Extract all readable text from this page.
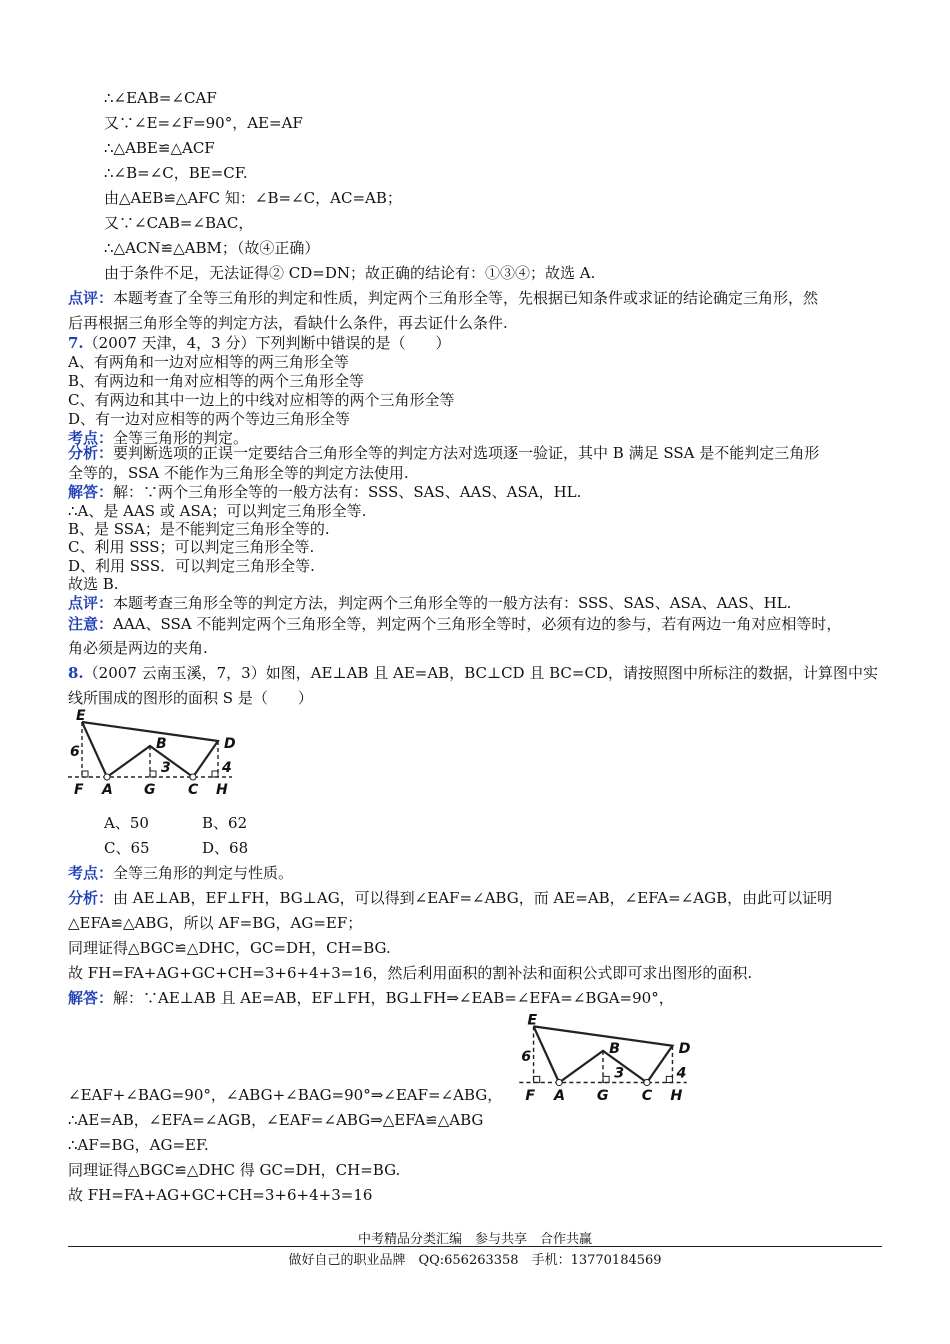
∴∠EAB=∠CAF
又∵∠E=∠F=90°，AE=AF
∴△ABE≌△ACF
∴∠B=∠C，BE=CF.
由△AEB≌△AFC 知：∠B=∠C，AC=AB；
又∵∠CAB=∠BAC，
∴△ACN≌△ABM；（故④正确）
由于条件不足，无法证得② CD=DN；故正确的结论有：①③④；故选 A.
点评：本题考查了全等三角形的判定和性质，判定两个三角形全等，先根据已知条件或求证的结论确定三角形，然
后再根据三角形全等的判定方法，看缺什么条件，再去证什么条件.
7.（2007 天津，4，3 分）下列判断中错误的是（　　）
A、有两角和一边对应相等的两三角形全等
B、有两边和一角对应相等的两个三角形全等
C、有两边和其中一边上的中线对应相等的两个三角形全等
D、有一边对应相等的两个等边三角形全等
考点：全等三角形的判定。
分析：要判断选项的正误一定要结合三角形全等的判定方法对选项逐一验证，其中 B 满足 SSA 是不能判定三角形
全等的，SSA 不能作为三角形全等的判定方法使用.
解答：解：∵两个三角形全等的一般方法有：SSS、SAS、AAS、ASA，HL.
∴A、是 AAS 或 ASA；可以判定三角形全等.
B、是 SSA；是不能判定三角形全等的.
C、利用 SSS；可以判定三角形全等.
D、利用 SSS．可以判定三角形全等.
故选 B.
点评：本题考查三角形全等的判定方法，判定两个三角形全等的一般方法有：SSS、SAS、ASA、AAS、HL.
注意：AAA、SSA 不能判定两个三角形全等，判定两个三角形全等时，必须有边的参与，若有两边一角对应相等时，
角必须是两边的夹角.
8.（2007 云南玉溪，7，3）如图，AE⊥AB 且 AE=AB，BC⊥CD 且 BC=CD，请按照图中所标注的数据，计算图中实
线所围成的图形的面积 S 是（　　）
E
B	D
F A G C H
6
3	4
A、50	B、62
C、65	D、68
考点：全等三角形的判定与性质。
分析：由 AE⊥AB，EF⊥FH，BG⊥AG，可以得到∠EAF=∠ABG，而 AE=AB，∠EFA=∠AGB，由此可以证明
△EFA≌△ABG，所以 AF=BG，AG=EF；
同理证得△BGC≌△DHC，GC=DH，CH=BG.
故 FH=FA+AG+GC+CH=3+6+4+3=16，然后利用面积的割补法和面积公式即可求出图形的面积.
解答：解：∵AE⊥AB 且 AE=AB，EF⊥FH，BG⊥FH⇒∠EAB=∠EFA=∠BGA=90°，
E
B	D
F A G C H
6
3	4
∠EAF+∠BAG=90°，∠ABG+∠BAG=90°⇒∠EAF=∠ABG，
∴AE=AB，∠EFA=∠AGB，∠EAF=∠ABG⇒△EFA≌△ABG
∴AF=BG，AG=EF.
同理证得△BGC≌△DHC 得 GC=DH，CH=BG.
故 FH=FA+AG+GC+CH=3+6+4+3=16
中考精品分类汇编　参与共享　合作共赢
做好自己的职业品牌　QQ:656263358　手机：13770184569
